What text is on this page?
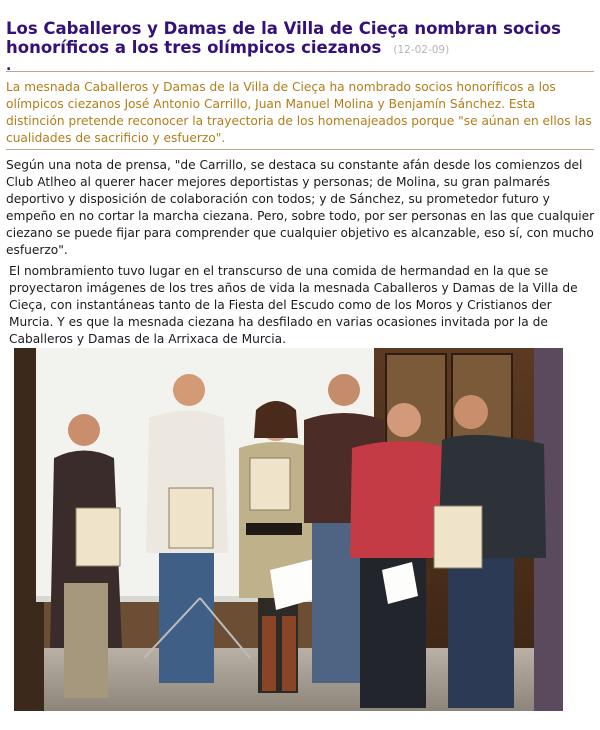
Los Caballeros y Damas de la Villa de Cieça nombran socios honoríficos a los tres olímpicos ciezanos (12-02-09)
.

La mesnada Caballeros y Damas de la Villa de Cieça ha nombrado socios honoríficos a los olímpicos ciezanos José Antonio Carrillo, Juan Manuel Molina y Benjamín Sánchez. Esta distinción pretende reconocer la trayectoria de los homenajeados porque "se aúnan en ellos las cualidades de sacrificio y esfuerzo".

Según una nota de prensa, "de Carrillo, se destaca su constante afán desde los comienzos del Club Atlheo al querer hacer mejores deportistas y personas; de Molina, su gran palmarés deportivo y disposición de colaboración con todos; y de Sánchez, su prometedor futuro y empeño en no cortar la marcha ciezana. Pero, sobre todo, por ser personas en las que cualquier ciezano se puede fijar para comprender que cualquier objetivo es alcanzable, eso sí, con mucho esfuerzo".

El nombramiento tuvo lugar en el transcurso de una comida de hermandad en la que se proyectaron imágenes de los tres años de vida la mesnada Caballeros y Damas de la Villa de Cieça, con instantáneas tanto de la Fiesta del Escudo como de los Moros y Cristianos der Murcia. Y es que la mesnada ciezana ha desfilado en varias ocasiones invitada por la de Caballeros y Damas de la Arrixaca de Murcia.
